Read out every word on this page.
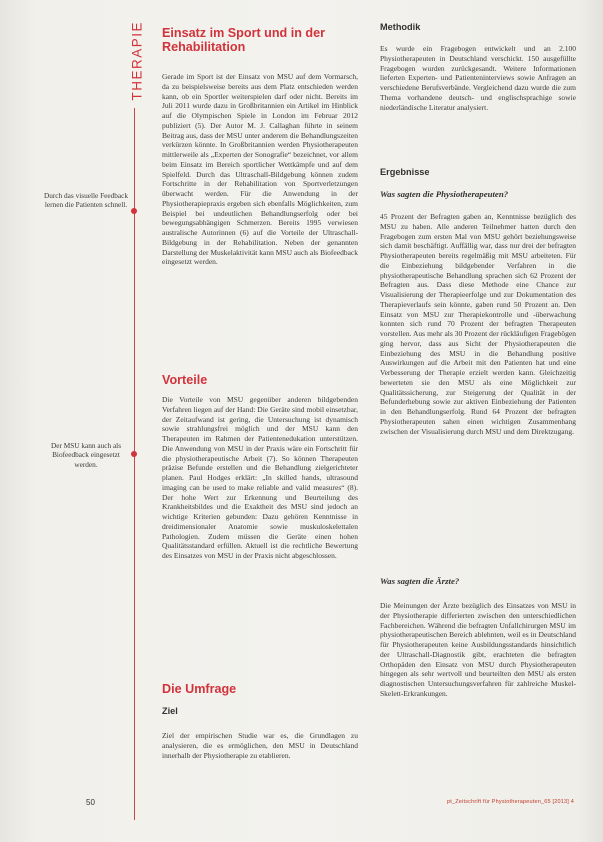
THERAPIE
Durch das visuelle Feedback lernen die Patienten schnell.
Der MSU kann auch als Biofeedback eingesetzt werden.
Einsatz im Sport und in der Rehabilitation

Gerade im Sport ist der Einsatz von MSU auf dem Vormarsch, da zu beispielsweise bereits aus dem Platz entschieden werden kann, ob ein Sportler weiterspielen darf oder nicht. Bereits im Juli 2011 wurde dazu in Großbritannien ein Artikel im Hinblick auf die Olympischen Spiele in London im Februar 2012 publiziert (5). Der Autor M. J. Callaghan führte in seinem Beitrag aus, dass der MSU unter anderem die Behandlungszeiten verkürzen könnte. In Großbritannien werden Physiotherapeuten mittlerweile als „Experten der Sonografie“ bezeichnet, vor allem beim Einsatz im Bereich sportlicher Wettkämpfe und auf dem Spielfeld. Durch das Ultraschall-Bildgebung können zudem Fortschritte in der Rehabilitation von Sportverletzungen überwacht werden. Für die Anwendung in der Physiotherapiepraxis ergeben sich ebenfalls Möglichkeiten, zum Beispiel bei undeutlichen Behandlungserfolg oder bei bewegungsabhängigen Schmerzen. Bereits 1995 verwiesen australische Autorinnen (6) auf die Vorteile der Ultraschall-Bildgebung in der Rehabilitation. Neben der genannten Darstellung der Muskelaktivität kann MSU auch als Biofeedback eingesetzt werden.

Vorteile

Die Vorteile von MSU gegenüber anderen bildgebenden Verfahren liegen auf der Hand: Die Geräte sind mobil einsetzbar, der Zeitaufwand ist gering, die Untersuchung ist dynamisch sowie strahlungsfrei möglich und der MSU kann den Therapeuten im Rahmen der Patientenedukation unterstützen. Die Anwendung von MSU in der Praxis wäre ein Fortschritt für die physiotherapeutische Arbeit (7). So können Therapeuten präzise Befunde erstellen und die Behandlung zielgerichteter planen. Paul Hodges erklärt: „In skilled hands, ultrasound imaging can be used to make reliable and valid measures“ (8). Der hohe Wert zur Erkennung und Beurteilung des Krankheitsbildes und die Exaktheit des MSU sind jedoch an wichtige Kriterien gebunden: Dazu gehören Kenntnisse in dreidimensionaler Anatomie sowie muskuloskelettalen Pathologien. Zudem müssen die Geräte einen hohen Qualitätsstandard erfüllen. Aktuell ist die rechtliche Bewertung des Einsatzes von MSU in der Praxis nicht abgeschlossen.

Die Umfrage
Ziel

Ziel der empirischen Studie war es, die Grundlagen zu analysieren, die es ermöglichen, den MSU in Deutschland innerhalb der Physiotherapie zu etablieren.

Methodik

Es wurde ein Fragebogen entwickelt und an 2.100 Physiotherapeuten in Deutschland verschickt. 150 ausgefüllte Fragebogen wurden zurückgesandt. Weitere Informationen lieferten Experten- und Patienteninterviews sowie Anfragen an verschiedene Berufsverbände. Vergleichend dazu wurde die zum Thema vorhandene deutsch- und englischsprachige sowie niederländische Literatur analysiert.

Ergebnisse
Was sagten die Physiotherapeuten?

45 Prozent der Befragten gaben an, Kenntnisse bezüglich des MSU zu haben. Alle anderen Teilnehmer hatten durch den Fragebogen zum ersten Mal von MSU gehört beziehungsweise sich damit beschäftigt. Auffällig war, dass nur drei der befragten Physiotherapeuten bereits regelmäßig mit MSU arbeiteten. Für die Einbeziehung bildgebender Verfahren in die physiotherapeutische Behandlung sprachen sich 62 Prozent der Befragten aus. Dass diese Methode eine Chance zur Visualisierung der Therapieerfolge und zur Dokumentation des Therapieverlaufs sein könnte, gaben rund 50 Prozent an. Den Einsatz von MSU zur Therapiekontrolle und -überwachung konnten sich rund 70 Prozent der befragten Therapeuten vorstellen. Aus mehr als 30 Prozent der rückläufigen Fragebögen ging hervor, dass aus Sicht der Physiotherapeuten die Einbeziehung des MSU in die Behandlung positive Auswirkungen auf die Arbeit mit den Patienten hat und eine Verbesserung der Therapie erzielt werden kann. Gleichzeitig bewerteten sie den MSU als eine Möglichkeit zur Qualitätssicherung, zur Steigerung der Qualität in der Befunderhebung sowie zur aktiven Einbeziehung der Patienten in den Behandlungserfolg. Rund 64 Prozent der befragten Physiotherapeuten sahen einen wichtigen Zusammenhang zwischen der Visualisierung durch MSU und dem Direktzugang.

Was sagten die Ärzte?

Die Meinungen der Ärzte bezüglich des Einsatzes von MSU in der Physiotherapie differierten zwischen den unterschiedlichen Fachbereichen. Während die befragten Unfallchirurgen MSU im physiotherapeutischen Bereich ablehnten, weil es in Deutschland für Physiotherapeuten keine Ausbildungsstandards hinsichtlich der Ultraschall-Diagnostik gibt, erachteten die befragten Orthopäden den Einsatz von MSU durch Physiotherapeuten hingegen als sehr wertvoll und beurteilten den MSU als ersten diagnostischen Untersuchungsverfahren für zahlreiche Muskel-Skelett-Erkrankungen.

50	pt_Zeitschrift für Physiotherapeuten_65 [2013] 4
